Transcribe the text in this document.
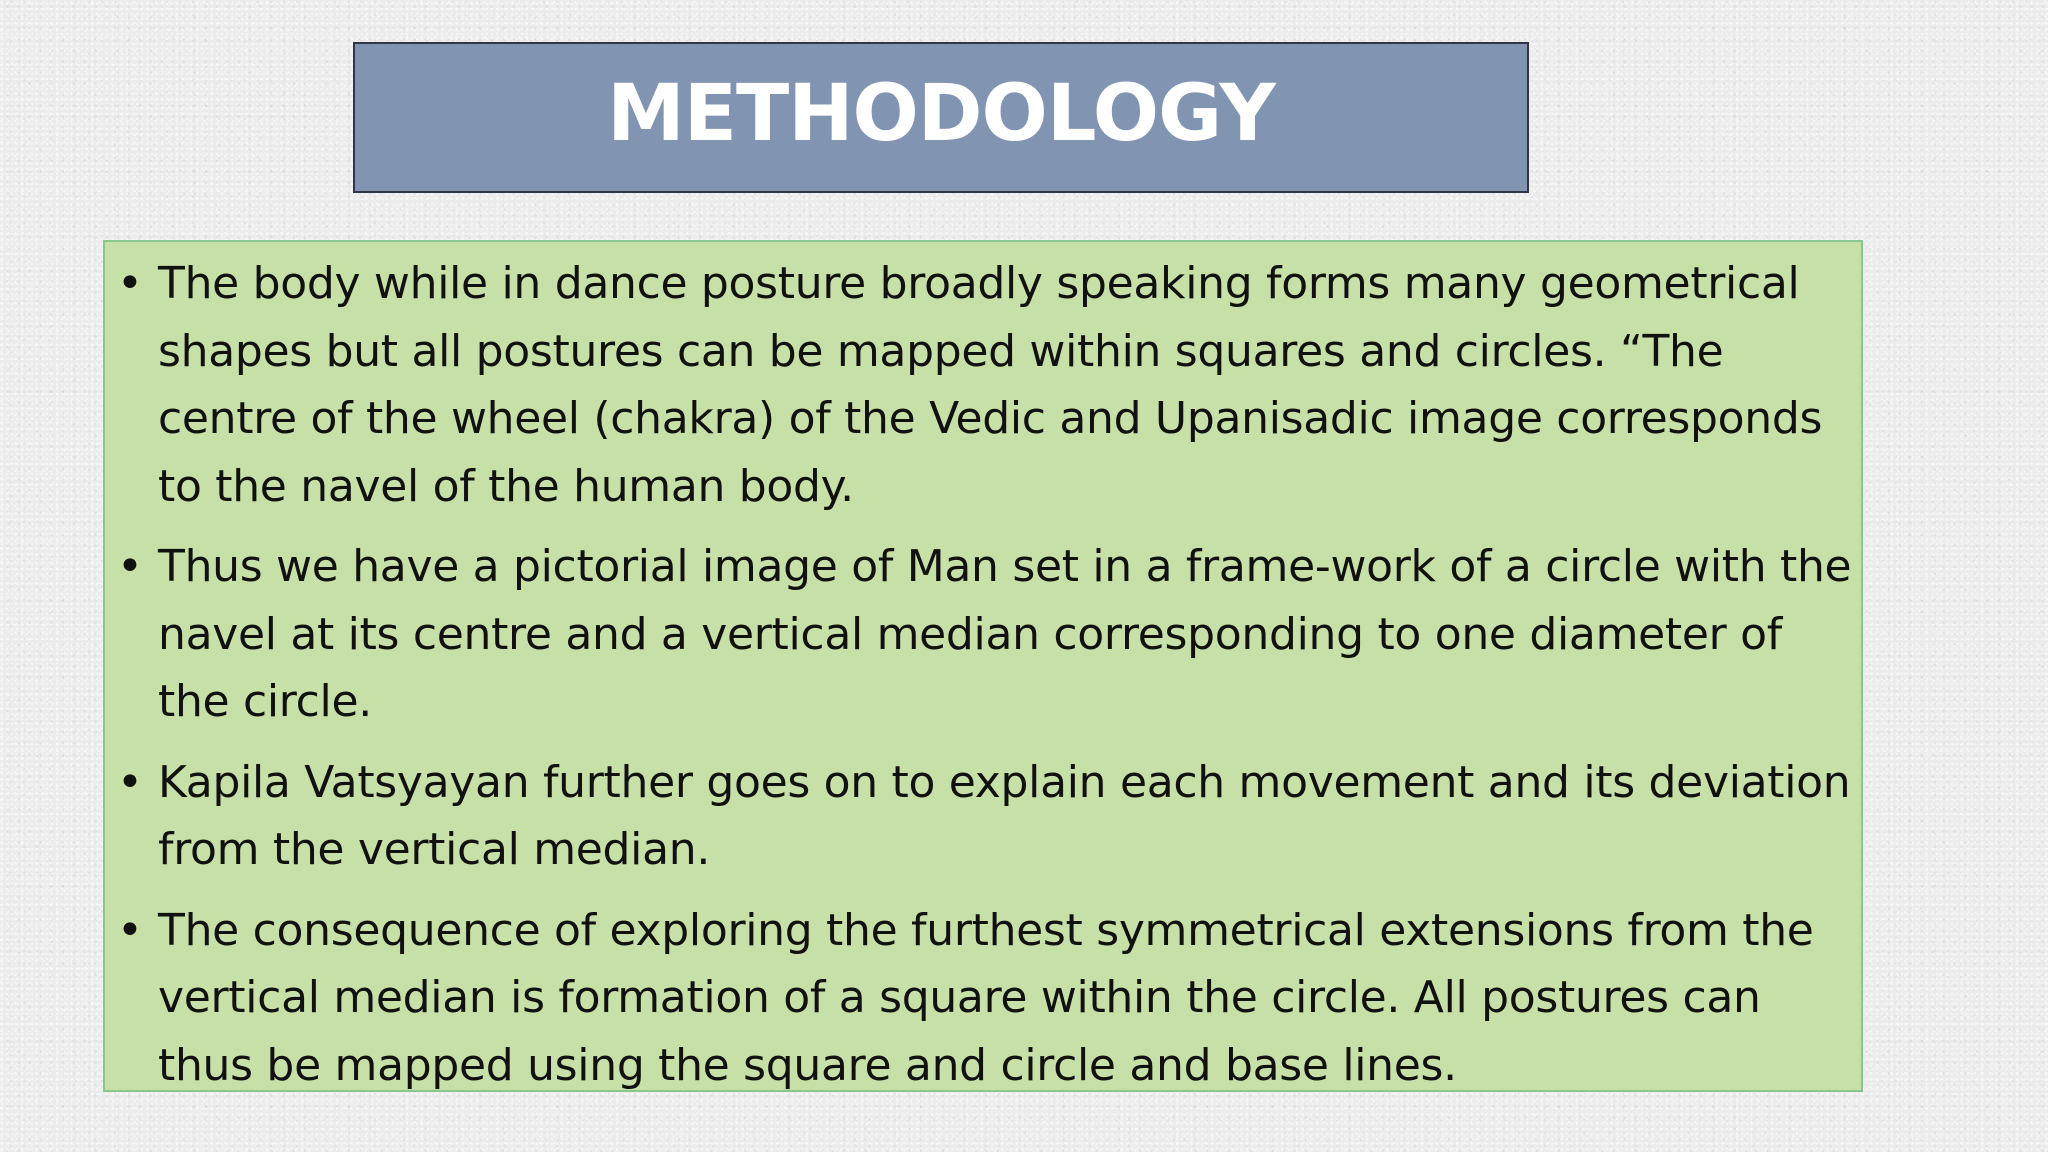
METHODOLOGY
• The body while in dance posture broadly speaking forms many geometrical shapes but all postures can be mapped within squares and circles. “The centre of the wheel (chakra) of the Vedic and Upanisadic image corresponds to the navel of the human body.
• Thus we have a pictorial image of Man set in a frame-work of a circle with the navel at its centre and a vertical median corresponding to one diameter of the circle.
• Kapila Vatsyayan further goes on to explain each movement and its deviation from the vertical median.
• The consequence of exploring the furthest symmetrical extensions from the vertical median is formation of a square within the circle. All postures can thus be mapped using the square and circle and base lines.
